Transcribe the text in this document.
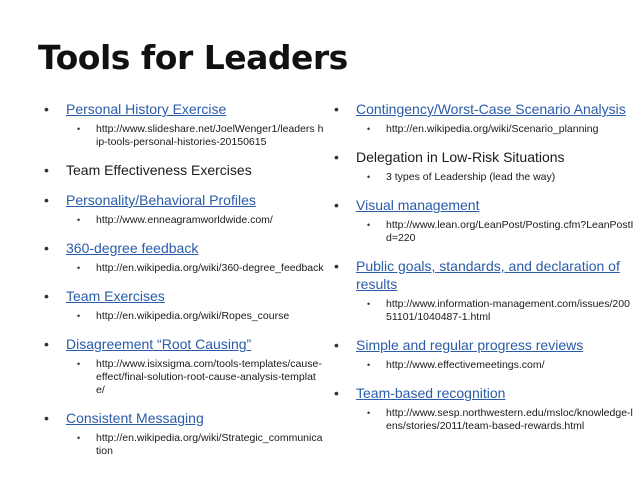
Tools for Leaders
• Personal History Exercise
• http://www.slideshare.net/JoelWenger1/leaders hip-tools-personal-histories-20150615
• Team Effectiveness Exercises
• Personality/Behavioral Profiles
• http://www.enneagramworldwide.com/
• 360-degree feedback
• http://en.wikipedia.org/wiki/360-degree_feedback
• Team Exercises
• http://en.wikipedia.org/wiki/Ropes_course
• Disagreement “Root Causing”
• http://www.isixsigma.com/tools-templates/cause-effect/final-solution-root-cause-analysis-template/
• Consistent Messaging
• http://en.wikipedia.org/wiki/Strategic_communication
• Contingency/Worst-Case Scenario Analysis
• http://en.wikipedia.org/wiki/Scenario_planning
• Delegation in Low-Risk Situations
• 3 types of Leadership (lead the way)
• Visual management
• http://www.lean.org/LeanPost/Posting.cfm?LeanPostId=220
• Public goals, standards, and declaration of results
• http://www.information-management.com/issues/20051101/1040487-1.html
• Simple and regular progress reviews
• http://www.effectivemeetings.com/
• Team-based recognition
• http://www.sesp.northwestern.edu/msloc/knowledge-lens/stories/2011/team-based-rewards.html
